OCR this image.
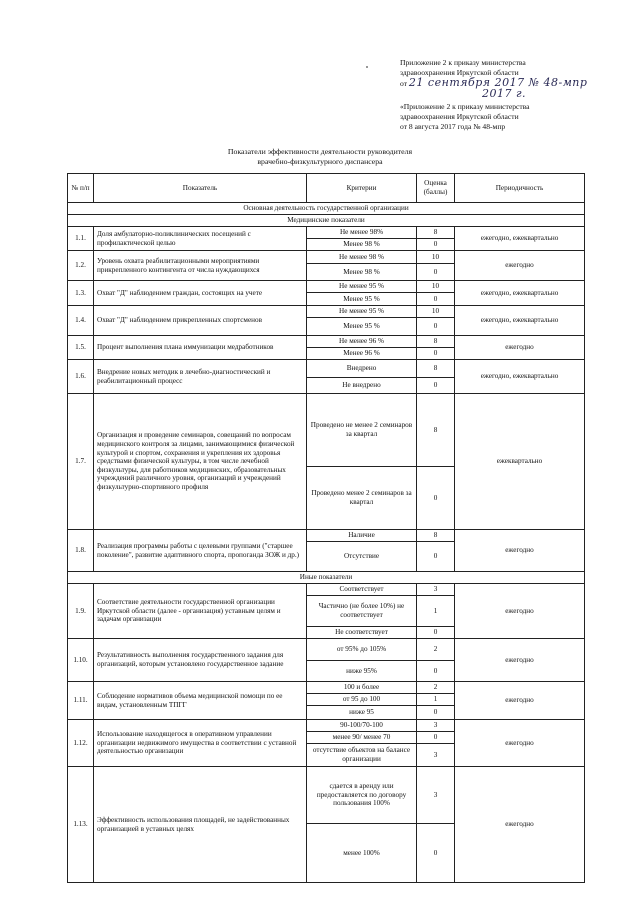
Приложение 2 к приказу министерства
здравоохранения Иркутской области
от 21 сентября 2017 № 48-мпр
2017 г.
«Приложение 2 к приказу министерства
здравоохранения Иркутской области
от 8 августа 2017 года № 48-мпр
Показатели эффективности деятельности руководителя
врачебно-физкультурного диспансера
№ п/п	Показатель	Критерии	Оценка (баллы)	Периодичность
Основная деятельность государственной организации				
Медицинские показатели				
1.1.	Доля амбулаторно-поликлинических посещений с профилактической целью	Не менее 98%	8	ежегодно, ежеквартально
		Менее 98 %	0	
1.2.	Уровень охвата реабилитационными мероприятиями прикрепленного контингента от числа нуждающихся	Не менее 98 %	10	ежегодно
		Менее 98 %	0	
1.3.	Охват "Д" наблюдением граждан, состоящих на учете	Не менее 95 %	10	ежегодно, ежеквартально
		Менее 95 %	0	
1.4.	Охват "Д" наблюдением прикрепленных спортсменов	Не менее 95 %	10	ежегодно, ежеквартально
		Менее 95 %	0	
1.5.	Процент выполнения плана иммунизации медработников	Не менее 96 %	8	ежегодно
		Менее 96 %	0	
1.6.	Внедрение новых методик в лечебно-диагностический и реабилитационный процесс	Внедрено	8	ежегодно, ежеквартально
		Не внедрено	0	
1.7.	Организация и проведение семинаров, совещаний по вопросам медицинского контроля за лицами, занимающимися физической культурой и спортом, сохранения и укрепления их здоровья средствами физической культуры, в том числе лечебной физкультуры, для работников медицинских, образовательных учреждений различного уровня, организаций и учреждений физкультурно-спортивного профиля	Проведено не менее 2 семинаров за квартал	8	ежеквартально
		Проведено менее 2 семинаров за квартал	0	
1.8.	Реализация программы работы с целевыми группами ("старшее поколение", развитие адаптивного спорта, пропоганда ЗОЖ и др.)	Наличие	8	ежегодно
		Отсутствие	0	
Иные показатели				
1.9.	Соответствие деятельности государственной организации Иркутской области (далее - организация) уставным целям и задачам организации	Соответствует	3	ежегодно
		Частично (не более 10%) не соответствует	1	
		Не соответствует	0	
1.10.	Результативность выполнения государственного задания для организаций, которым установлено государственное задание	от 95% до 105%	2	ежегодно
		ниже 95%	0	
1.11.	Соблюдение нормативов объема медицинской помощи по ее видам, установленным ТПГГ	100 и более	2	ежегодно
		от 95 до 100	1	
		ниже 95	0	
1.12.	Использование находящегося в оперативном управлении организации недвижимого имущества в соответствии с уставной деятельностью организации	90-100/70-100	3	ежегодно
		менее 90/ менее 70	0	
		отсутствие объектов на балансе организации	3	
1.13.	Эффективность использования площадей, не задействованных организацией в уставных целях	сдается в аренду или предоставляется по договору пользования 100%	3	ежегодно
		менее 100%	0	
